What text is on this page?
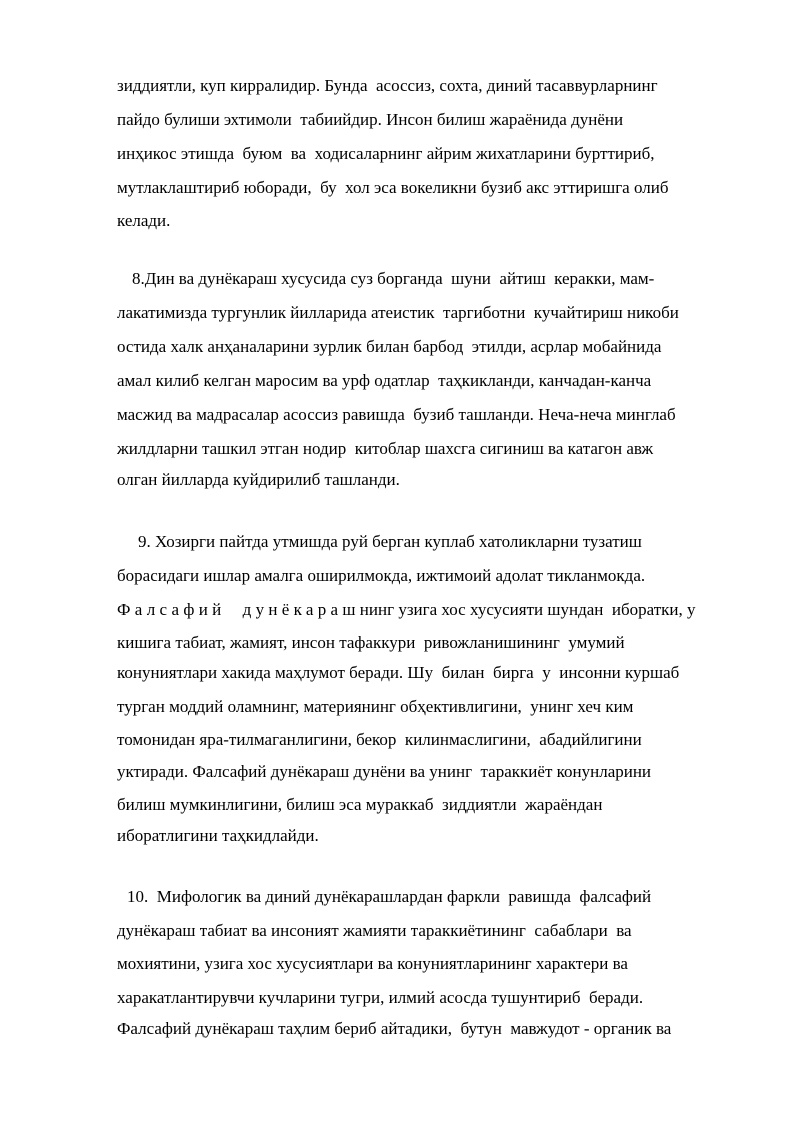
зиддиятли, куп кирралидир. Бунда  асоссиз, сохта, диний тасаввурларнинг
пайдо булиши эхтимоли  табиийдир. Инсон билиш жараёнида дунёни
инҳикос этишда  буюм  ва  ходисаларнинг айрим жихатларини бурттириб,
мутлаклаштириб юборади,  бу  хол эса вокеликни бузиб акс эттиришга олиб
келади.
8.Дин ва дунёкараш хусусида суз борганда  шуни  айтиш  керакки, мам-
лакатимизда тургунлик йилларида атеистик  таргиботни  кучайтириш никоби
остида халк анҳаналарини зурлик билан барбод  этилди, асрлар мобайнида
амал килиб келган маросим ва урф одатлар  таҳкикланди, канчадан-канча
масжид ва мадрасалар асоссиз равишда  бузиб ташланди. Неча-неча минглаб
жилдларни ташкил этган нодир  китоблар шахсга сигиниш ва катагон авж
олган йилларда куйдирилиб ташланди.
9. Хозирги пайтда утмишда руй берган куплаб хатоликларни тузатиш
борасидаги ишлар амалга оширилмокда, ижтимоий адолат тикланмокда.
Фалсафий  дунёкарашнинг узига хос хусусияти шундан  иборатки, у
кишига табиат, жамият, инсон тафаккури  ривожланишининг  умумий
конуниятлари хакида маҳлумот беради. Шу  билан  бирга  у  инсонни куршаб
турган моддий оламнинг, материянинг обҳективлигини,  унинг хеч ким
томонидан яра-тилмаганлигини, бекор  килинмаслигини,  абадийлигини
уктиради. Фалсафий дунёкараш дунёни ва унинг  тараккиёт конунларини
билиш мумкинлигини, билиш эса мураккаб  зиддиятли  жараёндан
иборатлигини таҳкидлайди.
10.  Мифологик ва диний дунёкарашлардан фаркли  равишда  фалсафий
дунёкараш табиат ва инсоният жамияти тараккиётининг  сабаблари  ва
мохиятини, узига хос хусусиятлари ва конуниятларининг характери ва
харакатлантирувчи кучларини тугри, илмий асосда тушунтириб  беради.
Фалсафий дунёкараш таҳлим бериб айтадики,  бутун  мавжудот - органик ва
